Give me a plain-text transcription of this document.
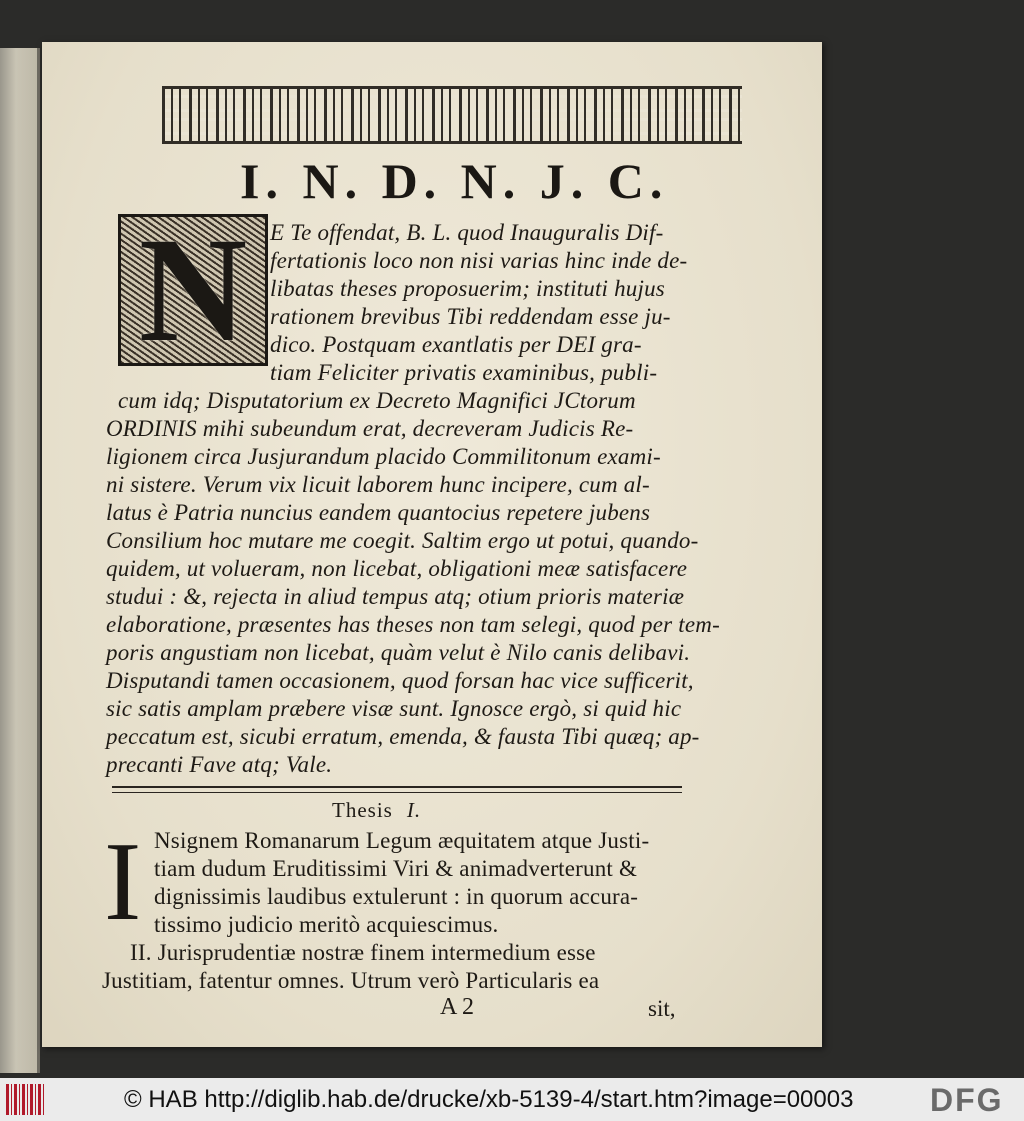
I. N. D. N. J. C.
N E Te offendat, B. L. quod Inauguralis Dif-
fertationis loco non nisi varias hinc inde de-
libatas theses proposuerim; instituti hujus
rationem brevibus Tibi reddendam esse ju-
dico. Postquam exantlatis per DEI gra-
tiam Feliciter privatis examinibus, publi-
cum idq; Disputatorium ex Decreto Magnifici JCtorum
ORDINIS mihi subeundum erat, decreveram Judicis Re-
ligionem circa Jusjurandum placido Commilitonum exami-
ni sistere. Verum vix licuit laborem hunc incipere, cum al-
latus è Patria nuncius eandem quantocius repetere jubens
Consilium hoc mutare me coegit. Saltim ergo ut potui, quando-
quidem, ut volueram, non licebat, obligationi meæ satisfacere
studui : &, rejecta in aliud tempus atq; otium prioris materiæ
elaboratione, præsentes has theses non tam selegi, quod per tem-
poris angustiam non licebat, quàm velut è Nilo canis delibavi.
Disputandi tamen occasionem, quod forsan hac vice sufficerit,
sic satis amplam præbere visæ sunt. Ignosce ergò, si quid hic
peccatum est, sicubi erratum, emenda, & fausta Tibi quæq; ap-
Thesis I.
I Nsignem Romanarum Legum æquitatem atque Justi-
tiam dudum Eruditissimi Viri & animadverterunt &
dignissimis laudibus extulerunt : in quorum accura-
tissimo judicio meritò acquiescimus.
II. Jurisprudentiæ nostræ finem intermedium esse
Justitiam, fatentur omnes. Utrum verò Particularis ea
A 2	sit,
precanti Fave atq; Vale.
© HAB http://diglib.hab.de/drucke/xb-5139-4/start.htm?image=00003 DFG
